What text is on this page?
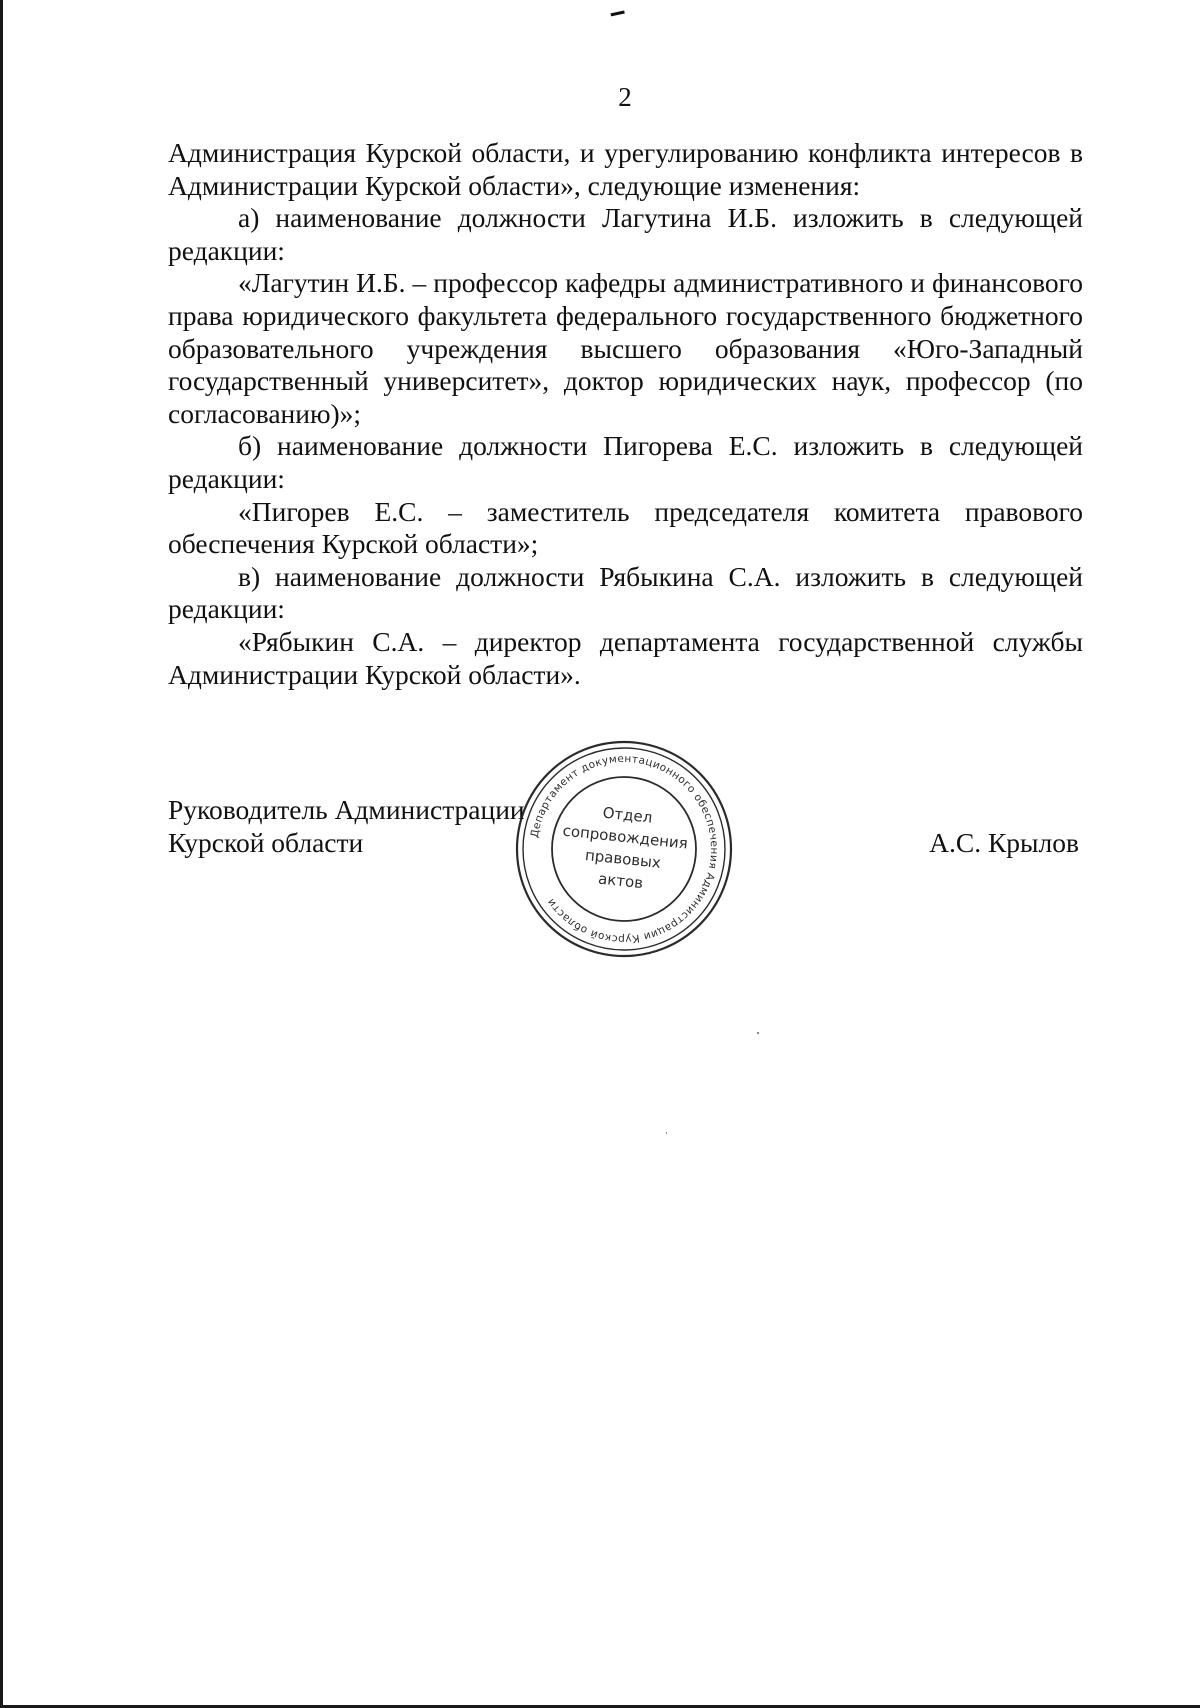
2

Администрация Курской области, и урегулированию конфликта интересов в Администрации Курской области», следующие изменения:

а) наименование должности Лагутина И.Б. изложить в следующей редакции:

«Лагутин И.Б. – профессор кафедры административного и финансового права юридического факультета федерального государственного бюджетного образовательного учреждения высшего образования «Юго-Западный государственный университет», доктор юридических наук, профессор (по согласованию)»;

б) наименование должности Пигорева Е.С. изложить в следующей редакции:

«Пигорев Е.С. – заместитель председателя комитета правового обеспечения Курской области»;

в) наименование должности Рябыкина С.А. изложить в следующей редакции:

«Рябыкин С.А. – директор департамента государственной службы Администрации Курской области».

Руководитель Администрации
Курской области	А.С. Крылов
Департамент документационного обеспечения Администрации Курской области
Отдел
сопровождения
правовых
актов
